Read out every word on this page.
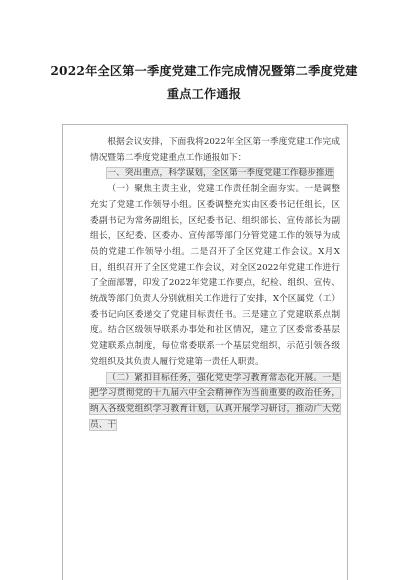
2022年全区第一季度党建工作完成情况暨第二季度党建重点工作通报

根据会议安排，下面我将2022年全区第一季度党建工作完成情况暨第二季度党建重点工作通报如下：

一、突出重点，科学谋划，全区第一季度党建工作稳步推进

（一）聚焦主责主业，党建工作责任制全面夯实。一是调整充实了党建工作领导小组。区委调整充实由区委书记任组长，区委副书记为常务副组长，区纪委书记、组织部长、宣传部长为副组长，区纪委、区委办、宣传部等部门分管党建工作的领导为成员的党建工作领导小组。二是召开了全区党建工作会议。X月X日，组织召开了全区党建工作会议，对全区2022年党建工作进行了全面部署，印发了2022年党建工作要点，纪检、组织、宣传、统战等部门负责人分别就相关工作进行了安排，X个区属党（工）委书记向区委递交了党建目标责任书。三是建立了党建联系点制度。结合区级领导联系办事处和社区情况，建立了区委常委基层党建联系点制度，每位常委联系一个基层党组织，示范引领各级党组织及其负责人履行党建第一责任人职责。

（二）紧扣目标任务，强化党史学习教育常态化开展。一是把学习贯彻党的十九届六中全会精神作为当前重要的政治任务，纳入各级党组织学习教育计划，认真开展学习研讨，推动广大党员、干
